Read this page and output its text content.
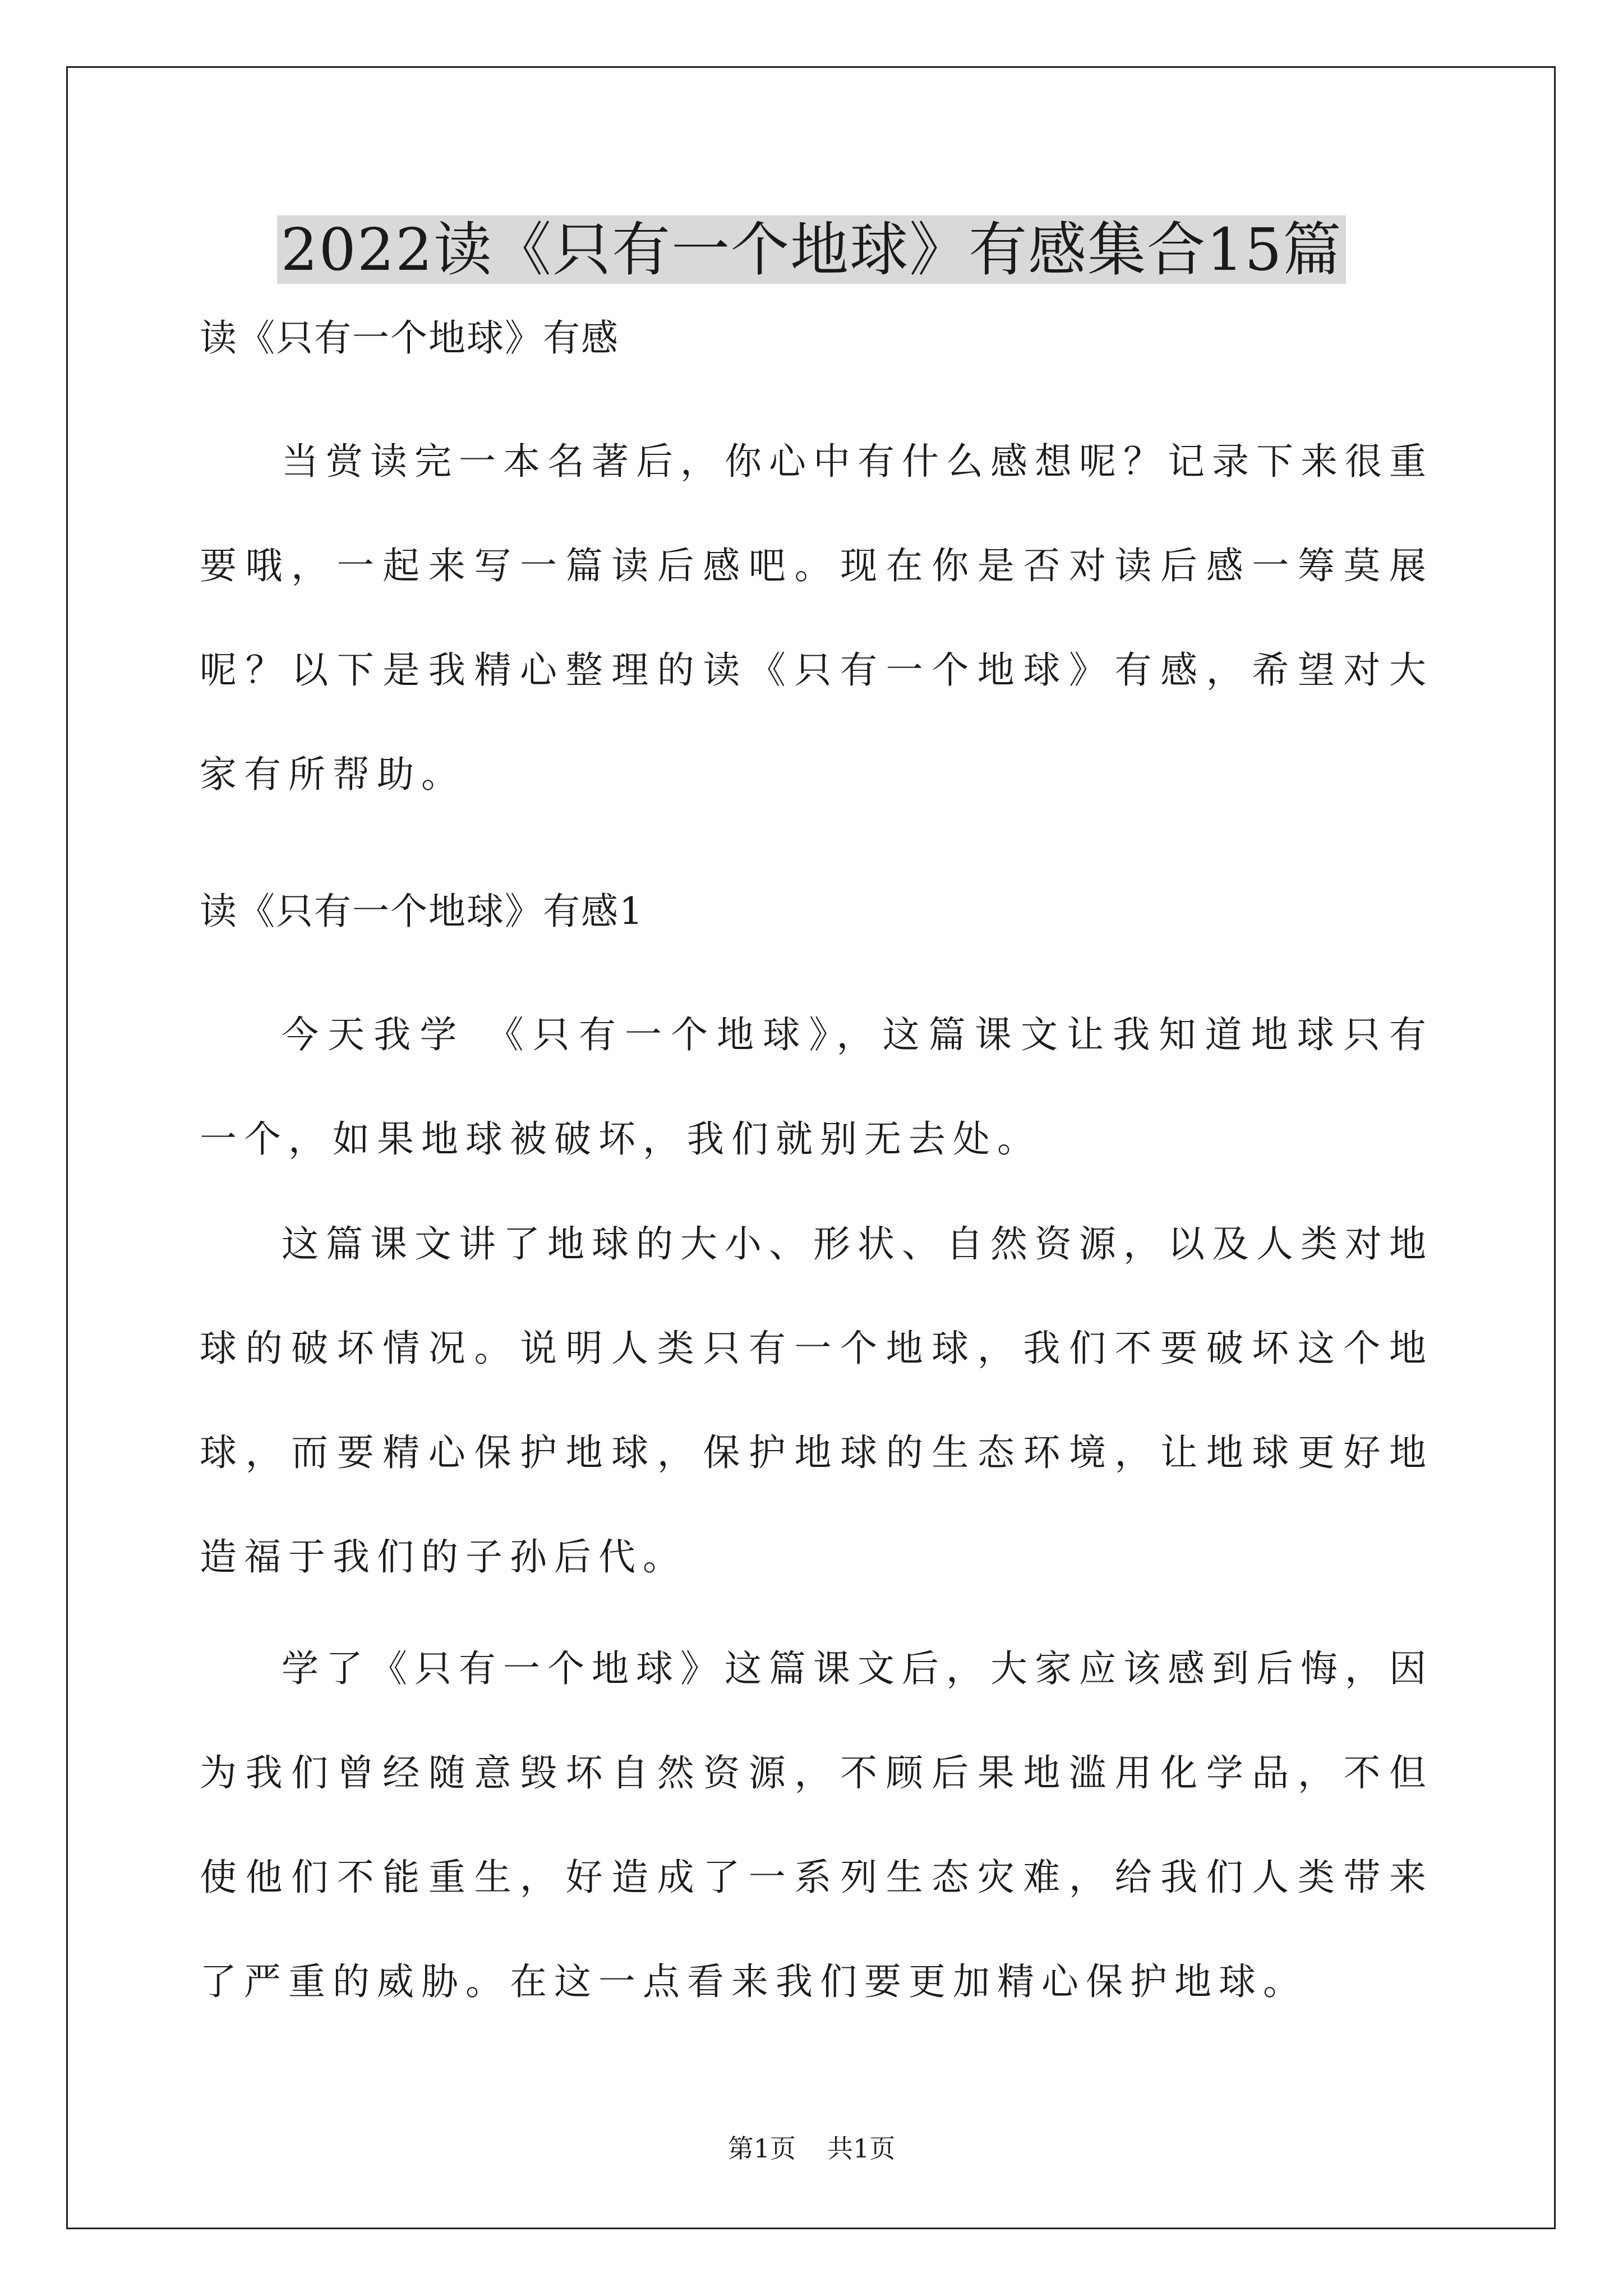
2022读《只有一个地球》有感集合15篇
读《只有一个地球》有感

当赏读完一本名著后，你心中有什么感想呢？记录下来很重要哦，一起来写一篇读后感吧。现在你是否对读后感一筹莫展呢？以下是我精心整理的读《只有一个地球》有感，希望对大家有所帮助。

读《只有一个地球》有感1

今天我学 《只有一个地球》，这篇课文让我知道地球只有一个，如果地球被破坏，我们就别无去处。

这篇课文讲了地球的大小、形状、自然资源，以及人类对地球的破坏情况。说明人类只有一个地球，我们不要破坏这个地球，而要精心保护地球，保护地球的生态环境，让地球更好地造福于我们的子孙后代。

学了《只有一个地球》这篇课文后，大家应该感到后悔，因为我们曾经随意毁坏自然资源，不顾后果地滥用化学品，不但使他们不能重生，好造成了一系列生态灾难，给我们人类带来了严重的威胁。在这一点看来我们要更加精心保护地球。

第1页 共1页
